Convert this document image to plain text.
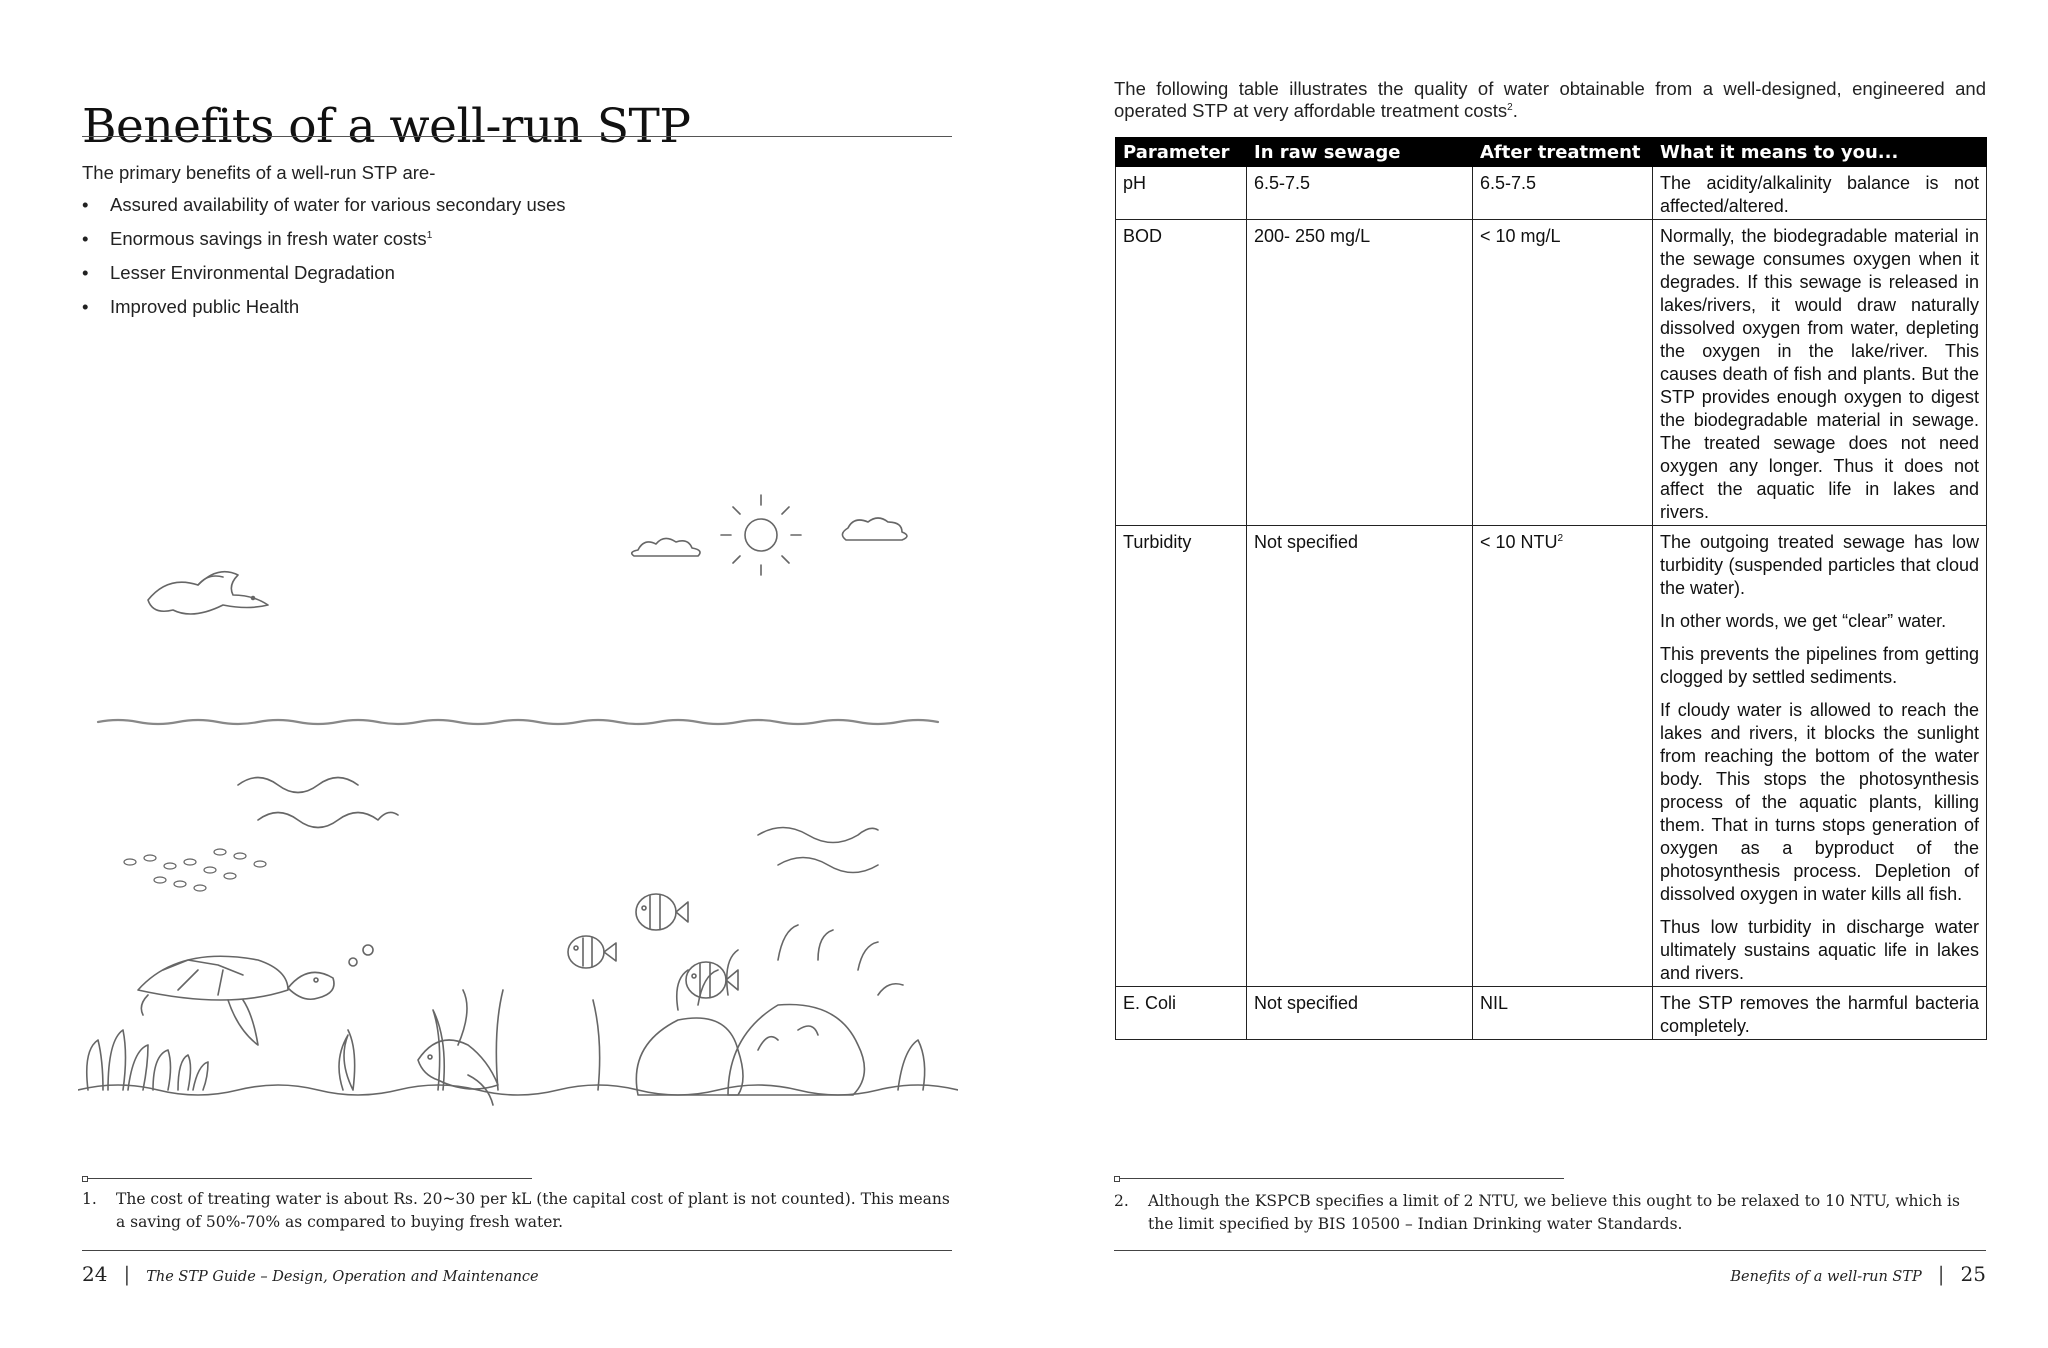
Benefits of a well-run STP
The primary benefits of a well-run STP are-
• Assured availability of water for various secondary uses
• Enormous savings in fresh water costs$^1$
• Lesser Environmental Degradation
• Improved public Health
1. The cost of treating water is about Rs. 20~30 per kL (the capital cost of plant is not counted). This means a saving of 50%-70% as compared to buying fresh water.
24 | The STP Guide – Design, Operation and Maintenance
The following table illustrates the quality of water obtainable from a well-designed, engineered and operated STP at very affordable treatment costs$^2$.
Parameter	In raw sewage	After treatment	What it means to you...
pH	6.5-7.5	6.5-7.5	The acidity/alkalinity balance is not affected/altered.

BOD	200- 250 mg/L	< 10 mg/L	Normally, the biodegradable material in the sewage consumes oxygen when it degrades. If this sewage is released in lakes/rivers, it would draw naturally dissolved oxygen from water, depleting the oxygen in the lake/river. This causes death of fish and plants. But the STP provides enough oxygen to digest the biodegradable material in sewage. The treated sewage does not need oxygen any longer. Thus it does not affect the aquatic life in lakes and rivers.

Turbidity	Not specified	< 10 NTU$^2$	The outgoing treated sewage has low turbidity (suspended particles that cloud the water).

In other words, we get “clear” water.

This prevents the pipelines from getting clogged by settled sediments.

If cloudy water is allowed to reach the lakes and rivers, it blocks the sunlight from reaching the bottom of the water body. This stops the photosynthesis process of the aquatic plants, killing them. That in turns stops generation of oxygen as a byproduct of the photosynthesis process. Depletion of dissolved oxygen in water kills all fish.

Thus low turbidity in discharge water ultimately sustains aquatic life in lakes and rivers.

E. Coli	Not specified	NIL	The STP removes the harmful bacteria completely.

2. Although the KSPCB specifies a limit of 2 NTU, we believe this ought to be relaxed to 10 NTU, which is the limit specified by BIS 10500 – Indian Drinking water Standards.
Benefits of a well-run STP | 25
